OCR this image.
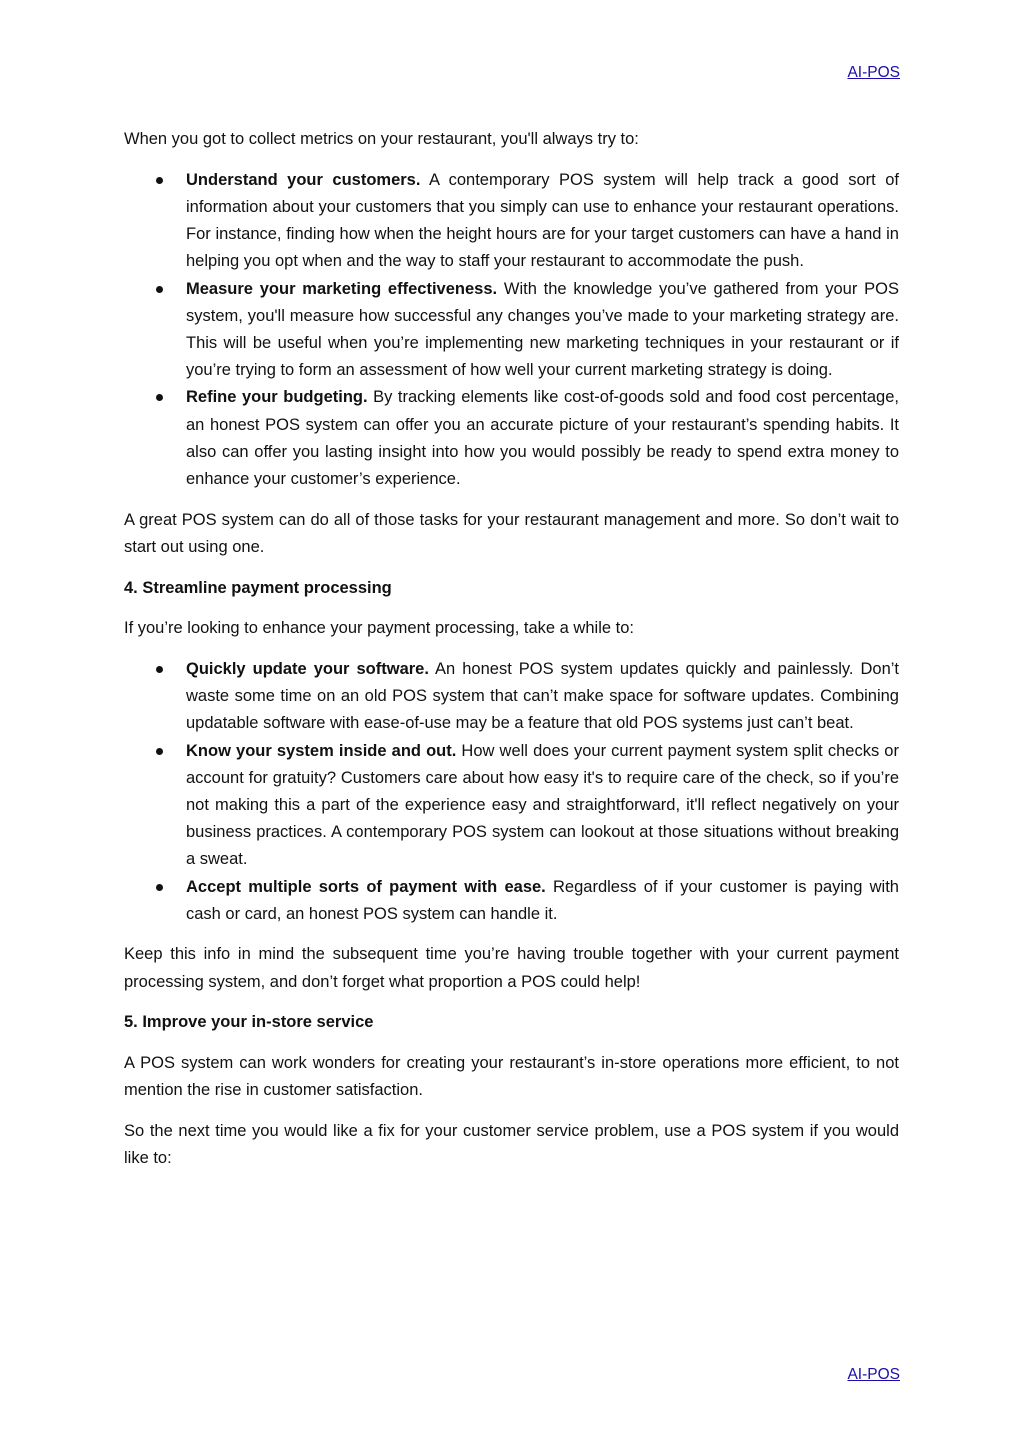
AI-POS

When you got to collect metrics on your restaurant, you'll always try to:

Understand your customers. A contemporary POS system will help track a good sort of information about your customers that you simply can use to enhance your restaurant operations. For instance, finding how when the height hours are for your target customers can have a hand in helping you opt when and the way to staff your restaurant to accommodate the push.
Measure your marketing effectiveness. With the knowledge you’ve gathered from your POS system, you'll measure how successful any changes you’ve made to your marketing strategy are. This will be useful when you’re implementing new marketing techniques in your restaurant or if you’re trying to form an assessment of how well your current marketing strategy is doing.
Refine your budgeting. By tracking elements like cost-of-goods sold and food cost percentage, an honest POS system can offer you an accurate picture of your restaurant’s spending habits. It also can offer you lasting insight into how you would possibly be ready to spend extra money to enhance your customer’s experience.

A great POS system can do all of those tasks for your restaurant management and more. So don’t wait to start out using one.

4. Streamline payment processing

If you’re looking to enhance your payment processing, take a while to:

Quickly update your software. An honest POS system updates quickly and painlessly. Don’t waste some time on an old POS system that can’t make space for software updates. Combining updatable software with ease-of-use may be a feature that old POS systems just can’t beat.
Know your system inside and out. How well does your current payment system split checks or account for gratuity? Customers care about how easy it's to require care of the check, so if you’re not making this a part of the experience easy and straightforward, it'll reflect negatively on your business practices. A contemporary POS system can lookout at those situations without breaking a sweat.
Accept multiple sorts of payment with ease. Regardless of if your customer is paying with cash or card, an honest POS system can handle it.

Keep this info in mind the subsequent time you’re having trouble together with your current payment processing system, and don’t forget what proportion a POS could help!

5. Improve your in-store service

A POS system can work wonders for creating your restaurant’s in-store operations more efficient, to not mention the rise in customer satisfaction.

So the next time you would like a fix for your customer service problem, use a POS system if you would like to:

AI-POS
